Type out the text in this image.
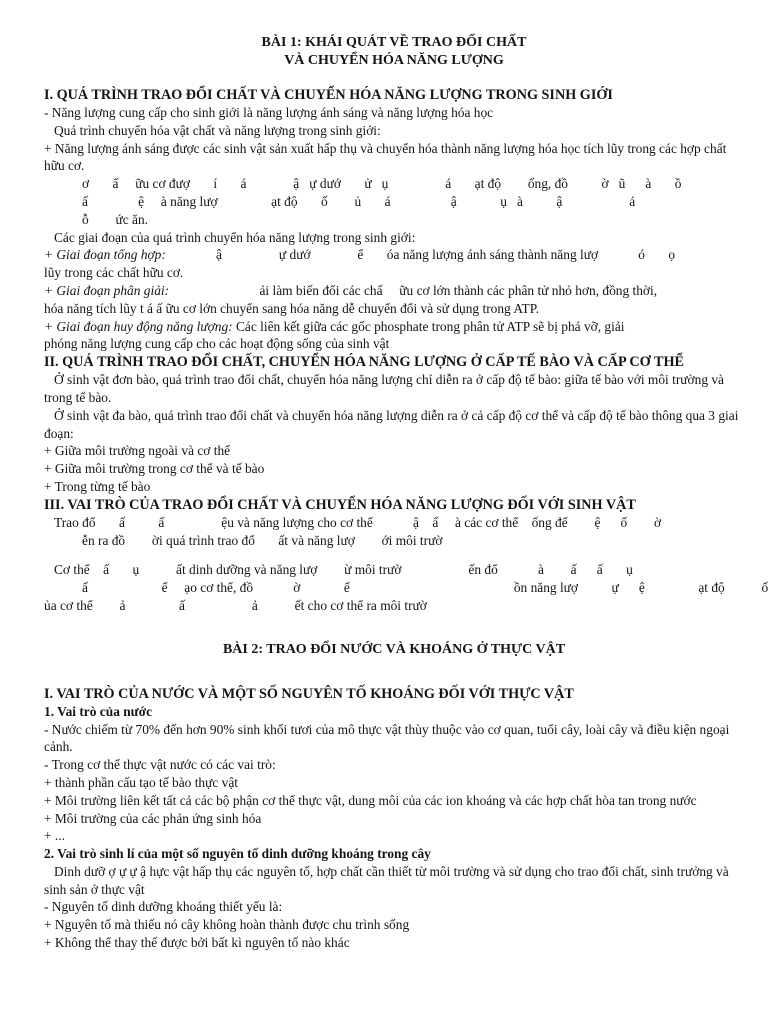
BÀI 1: KHÁI QUÁT VỀ TRAO ĐỔI CHẤT

VÀ CHUYỂN HÓA NĂNG LƯỢNG

I. QUÁ TRÌNH TRAO ĐỔI CHẤT VÀ CHUYỂN HÓA NĂNG LƯỢNG TRONG SINH GIỚI

- Năng lượng cung cấp cho sinh giới là năng lượng ánh sáng và năng lượng hóa học

Quá trình chuyển hóa vật chất và năng lượng trong sinh giới:

+ Năng lượng ánh sáng được các sinh vật sản xuất hấp thụ và chuyển hóa thành năng lượng hóa học tích lũy trong các hợp chất hữu cơ.

ơ       ấ     ữu cơ đượ       í       á              ậ   ự dướ       ử   ụ                 á       ạt độ        ống, đồ          ờ   ũ      à       ồ

ấ               ệ     à năng lượ                ạt độ       ố        ủ       á                  ậ             ụ   à          ậ                    á

ỗ        ức ăn.

Các giai đoạn của quá trình chuyển hóa năng lượng trong sinh giới:

+ Giai đoạn tổng hợp:               ậ                 ự dướ              ể       óa năng lượng ánh sáng thành năng lượ            ó       ọ

lũy trong các chất hữu cơ.

+ Giai đoạn phân giải:                           ải làm biến đổi các chấ     ữu cơ lớn thành các phân tử nhỏ hơn, đồng thời,

hóa năng tích lũy t á ấ ữu cơ lớn chuyển sang hóa năng dễ chuyển đổi và sử dụng trong ATP.

+ Giai đoạn huy động năng lượng: Các liên kết giữa các gốc phosphate trong phân tử ATP sẽ bị phá vỡ, giải

phóng năng lượng cung cấp cho các hoạt động sống của sinh vật

II. QUÁ TRÌNH TRAO ĐỔI CHẤT, CHUYỂN HÓA NĂNG LƯỢNG Ở CẤP TẾ BÀO VÀ CẤP CƠ THỂ

Ở sinh vật đơn bào, quá trình trao đổi chất, chuyển hóa năng lượng chỉ diễn ra ở cấp độ tế bào: giữa tế bào với môi trường và trong tế bào.

Ở sinh vật đa bào, quá trình trao đổi chất và chuyển hóa năng lượng diễn ra ở cả cấp độ cơ thể và cấp độ tế bào thông qua 3 giai đoạn:

+ Giữa môi trường ngoài và cơ thể

+ Giữa môi trường trong cơ thể và tế bào

+ Trong từng tế bào

III. VAI TRÒ CỦA TRAO ĐỔI CHẤT VÀ CHUYỂN HÓA NĂNG LƯỢNG ĐỐI VỚI SINH VẬT

Trao đổ       ấ          ấ                 ệu và năng lượng cho cơ thể            ậ    ấ     à các cơ thể    ống để        ệ      ố        ờ

ễn ra đồ        ời quá trình trao đổ       ất và năng lượ        ới môi trườ

Cơ thể    ấ       ụ           ất dinh dưỡng và năng lượ        ừ môi trườ                    ến đổ            à        ấ      ấ       ụ

ấ                      ể     ạo cơ thể, đồ            ờ             ể                                                 ồn năng lượ          ự      ệ                ạt độ           ố

ủa cơ thể        ả                ấ                    ả           ết cho cơ thể ra môi trườ

BÀI 2: TRAO ĐỔI NƯỚC VÀ KHOÁNG Ở THỰC VẬT

I. VAI TRÒ CỦA NƯỚC VÀ MỘT SỐ NGUYÊN TỐ KHOÁNG ĐỐI VỚI THỰC VẬT

1. Vai trò của nước

- Nước chiếm từ 70% đến hơn 90% sinh khối tươi của mô thực vật thùy thuộc vào cơ quan, tuổi cây, loài cây và điều kiện ngoại cảnh.

- Trong cơ thể thực vật nước có các vai trò:

+ thành phần cấu tạo tế bào thực vật

+ Môi trường liên kết tất cả các bộ phận cơ thể thực vật, dung môi của các ion khoáng và các hợp chất hòa tan trong nước

+ Môi trường của các phản ứng sinh hóa

+ ...

2. Vai trò sinh lí của một số nguyên tố dinh dưỡng khoáng trong cây

Dinh dưỡ ợ ự ự ậ hực vật hấp thụ các nguyên tố, hợp chất cần thiết từ môi trường và sử dụng cho trao đổi chất, sinh trưởng và sinh sản ở thực vật

- Nguyên tố dinh dưỡng khoáng thiết yếu là:

+ Nguyên tố mà thiếu nó cây không hoàn thành được chu trình sống

+ Không thể thay thế được bởi bất kì nguyên tố nào khác
